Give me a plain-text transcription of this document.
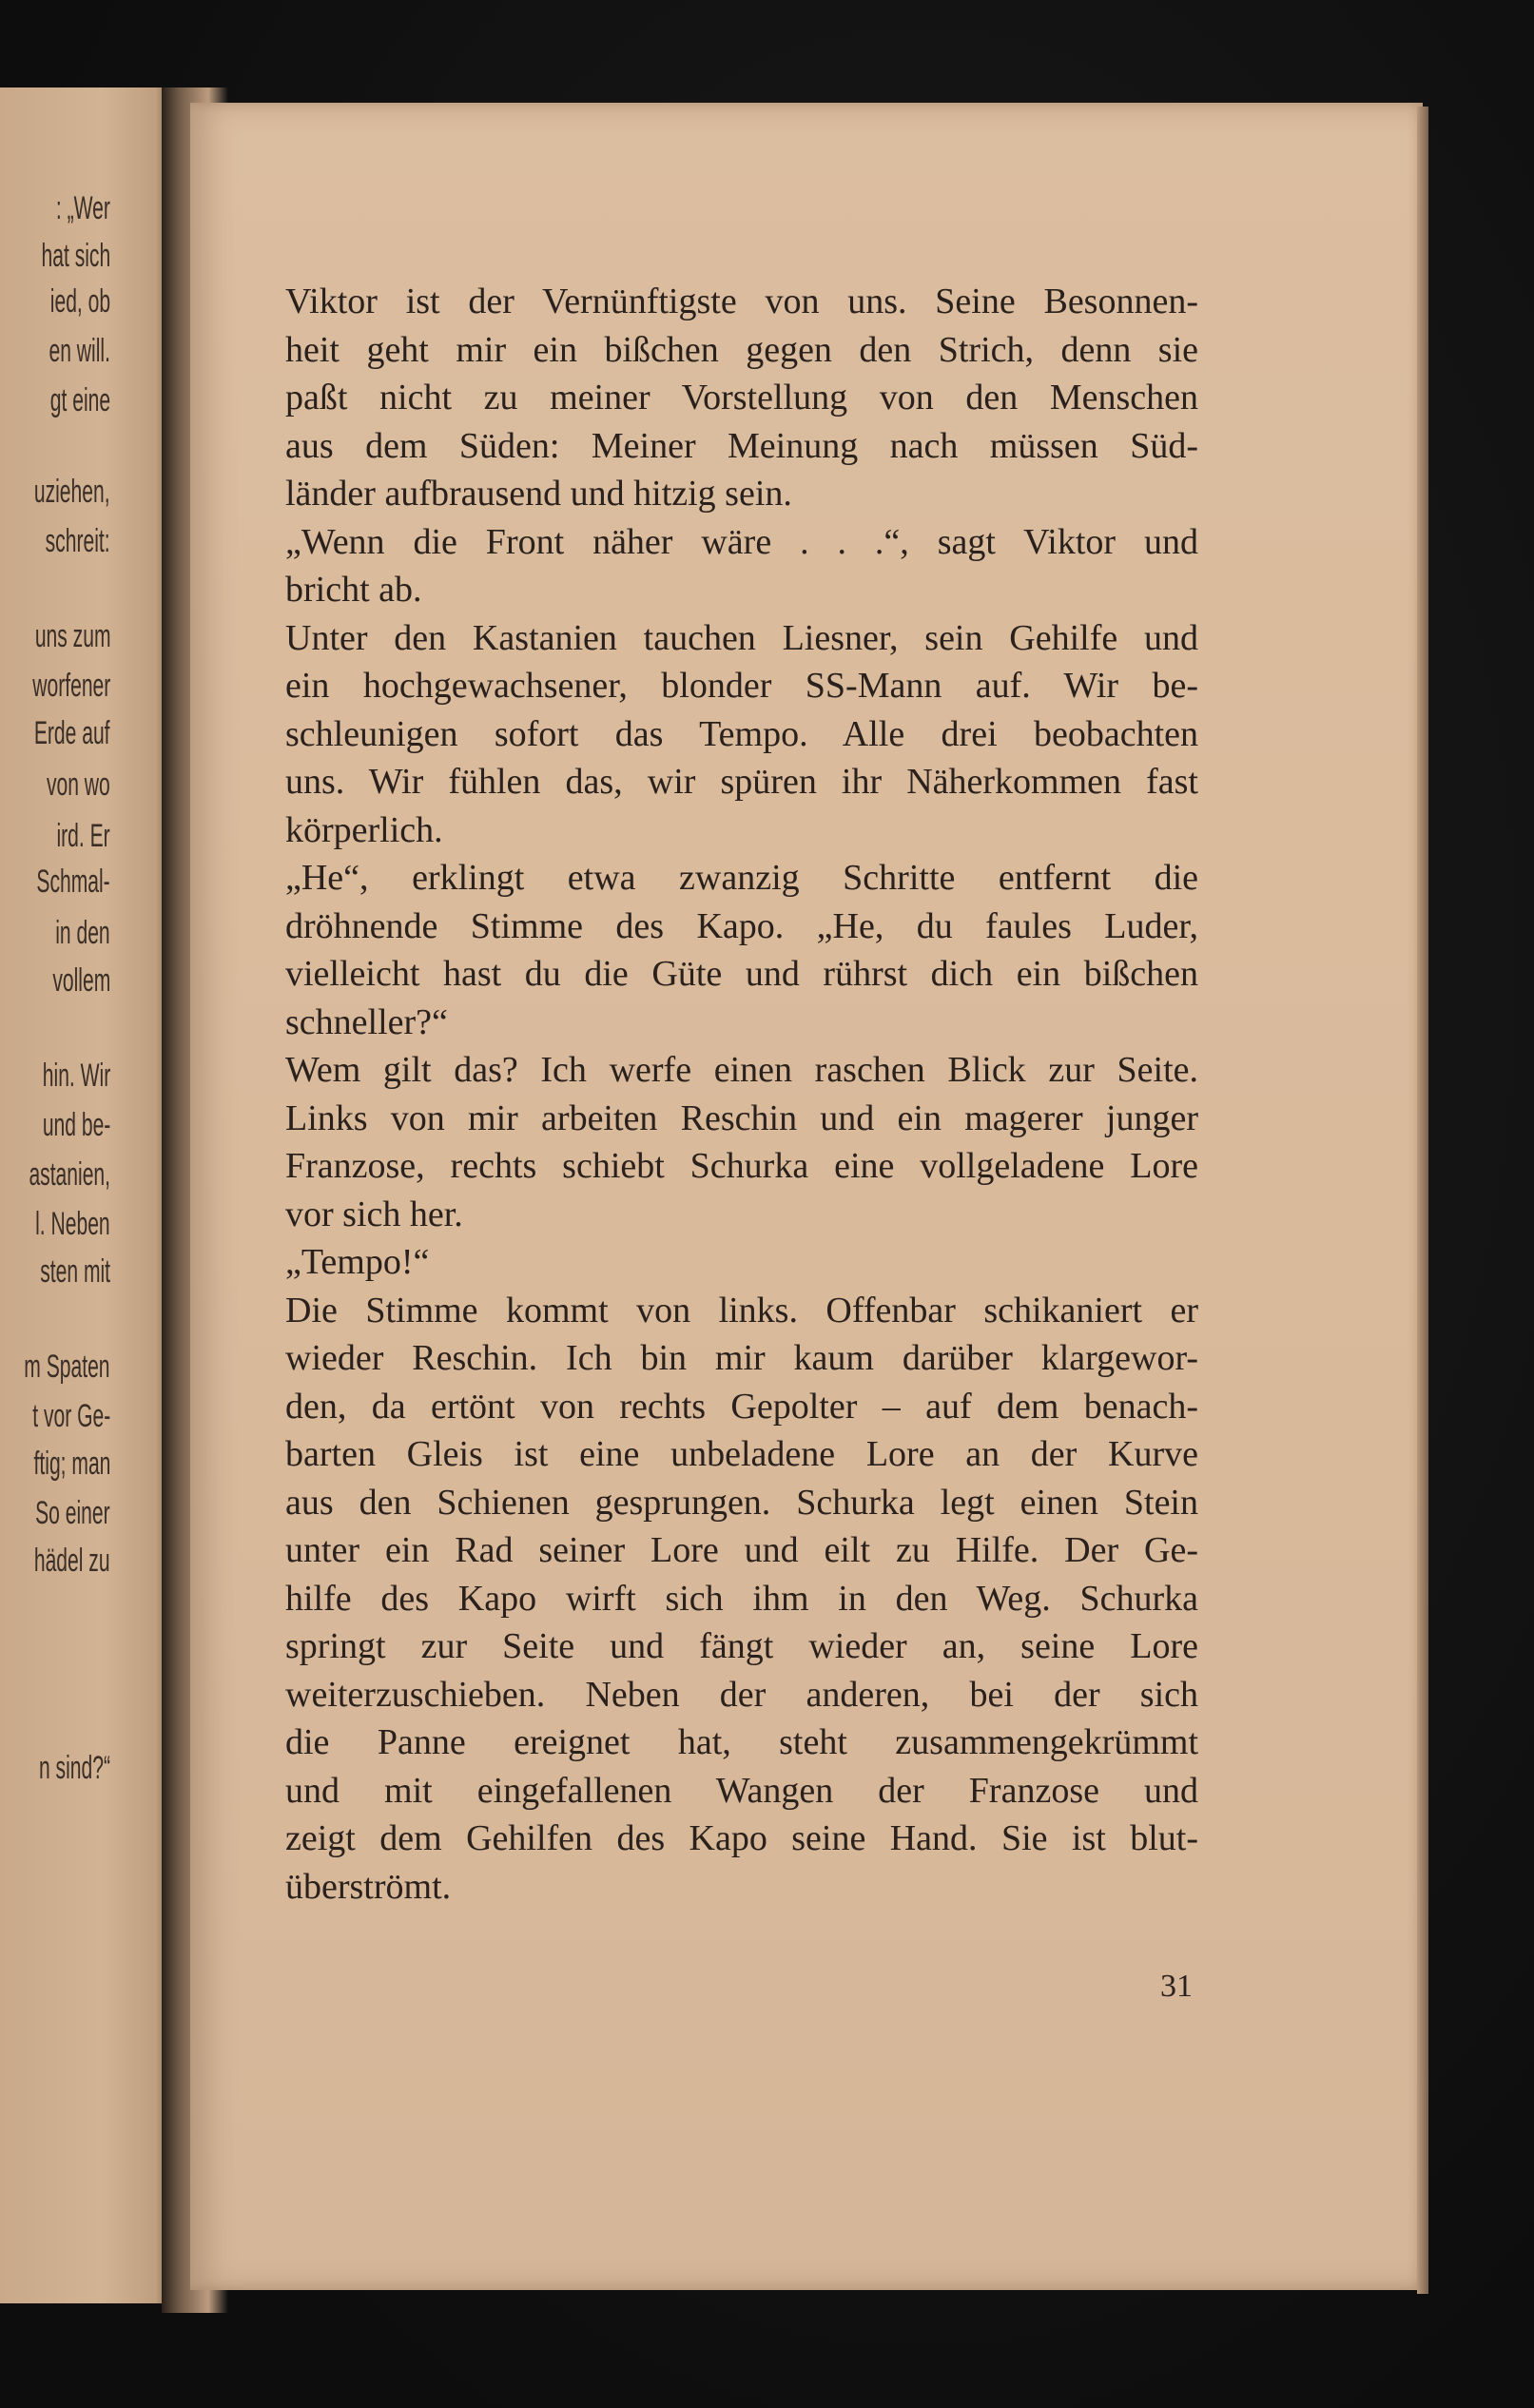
: „Wer
hat sich
ied, ob
en will.
gt eine
uziehen,
schreit:
uns zum
worfener
Erde auf
von wo
ird. Er
Schmal-
in den
vollem
hin. Wir
und be-
astanien,
l. Neben
sten mit
m Spaten
t vor Ge-
ftig; man
So einer
hädel zu
n sind?“
Viktor ist der Vernünftigste von uns. Seine Besonnen-
heit geht mir ein bißchen gegen den Strich, denn sie
paßt nicht zu meiner Vorstellung von den Menschen
aus dem Süden: Meiner Meinung nach müssen Süd-
länder aufbrausend und hitzig sein.
„Wenn die Front näher wäre . . .“, sagt Viktor und
bricht ab.
Unter den Kastanien tauchen Liesner, sein Gehilfe und
ein hochgewachsener, blonder SS-Mann auf. Wir be-
schleunigen sofort das Tempo. Alle drei beobachten
uns. Wir fühlen das, wir spüren ihr Näherkommen fast
körperlich.
„He“, erklingt etwa zwanzig Schritte entfernt die
dröhnende Stimme des Kapo. „He, du faules Luder,
vielleicht hast du die Güte und rührst dich ein bißchen
schneller?“
Wem gilt das? Ich werfe einen raschen Blick zur Seite.
Links von mir arbeiten Reschin und ein magerer junger
Franzose, rechts schiebt Schurka eine vollgeladene Lore
vor sich her.
„Tempo!“
Die Stimme kommt von links. Offenbar schikaniert er
wieder Reschin. Ich bin mir kaum darüber klargewor-
den, da ertönt von rechts Gepolter – auf dem benach-
barten Gleis ist eine unbeladene Lore an der Kurve
aus den Schienen gesprungen. Schurka legt einen Stein
unter ein Rad seiner Lore und eilt zu Hilfe. Der Ge-
hilfe des Kapo wirft sich ihm in den Weg. Schurka
springt zur Seite und fängt wieder an, seine Lore
weiterzuschieben. Neben der anderen, bei der sich
die Panne ereignet hat, steht zusammengekrümmt
und mit eingefallenen Wangen der Franzose und
zeigt dem Gehilfen des Kapo seine Hand. Sie ist blut-
überströmt.
31
